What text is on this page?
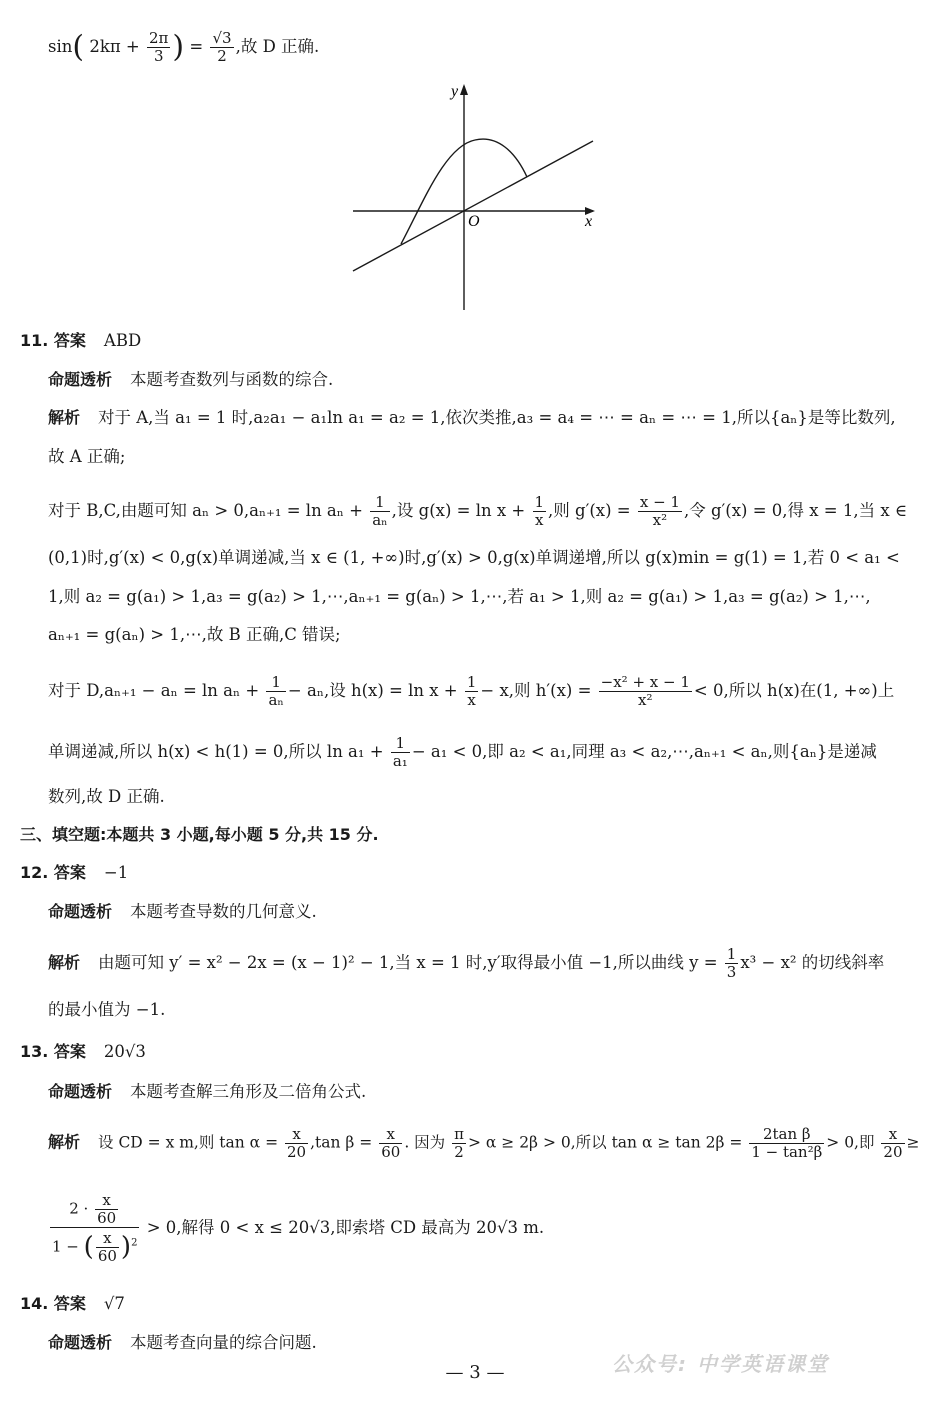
sin( $2k\pi + \frac{2\pi}{3}$ ) = $\frac{√3}{2}$ ,故 D 正确.
y
x
O
11. 答案 ABD
命题透析 本题考查数列与函数的综合.
解析 对于 A,当 a₁ = 1 时,a₂a₁ − a₁ln a₁ = a₂ = 1,依次类推,a₃ = a₄ = ⋯ = aₙ = ⋯ = 1,所以{aₙ}是等比数列,
故 A 正确;
对于 B,C,由题可知 $a_n > 0,a_{n+1} = \ln a_n + \frac{1}{\text{aₙ}}$ ,设 $g(x) = \ln x + \frac{1}{x}$ ,则 $g'(x) = \frac{x - 1}{\text{x²}}$ ,令 g′(x) = 0,得 x = 1,当 x ∈
(0,1)时,g′(x) < 0,g(x)单调递减,当 x ∈ (1, +∞)时,g′(x) > 0,g(x)单调递增,所以 g(x)min = g(1) = 1,若 0 < a₁ <
1,则 a₂ = g(a₁) > 1,a₃ = g(a₂) > 1,⋯,aₙ₊₁ = g(aₙ) > 1,⋯,若 a₁ > 1,则 a₂ = g(a₁) > 1,a₃ = g(a₂) > 1,⋯,
aₙ₊₁ = g(aₙ) > 1,⋯,故 B 正确,C 错误;
对于 $D,a_{n+1} - a_n = \ln a_n + \frac{1}{\text{aₙ}} - a_n$,设 $h(x) = \ln x + \frac{1}{x} - x$,则 $h'(x) = \frac{\text{−x² + x − 1}}{\text{x²}} < 0$,所以 h(x)在(1, +∞)上
单调递减,所以 h(x) < h(1) = 0,所以 $\ln a_1 + \frac{1}{\text{a₁}} - a_1 < 0$,即 a₂ < a₁,同理 a₃ < a₂,⋯,aₙ₊₁ < aₙ,则{aₙ}是递减
数列,故 D 正确.
三、填空题:本题共 3 小题,每小题 5 分,共 15 分.
12. 答案 −1
命题透析 本题考查导数的几何意义.
解析 由题可知 y′ = x² − 2x = (x − 1)² − 1,当 x = 1 时,y′取得最小值 −1,所以曲线 $y = \frac{1}{3} x^3 - x^2$ 的切线斜率
的最小值为 −1.
13. 答案 20√3
命题透析 本题考查解三角形及二倍角公式.
解析 设 CD = x m,则 $\tan \alpha = \frac{x}{20} ,\tan$ $\beta = \frac{x}{60}$ . 因为 $\frac{\pi}{2} > \alpha \ge 2\beta > 0$,所以 $\tan \alpha \ge \tan 2\beta = \frac{\text{2tan β}}{\text{1 − tan²β}} > 0$,即 $\frac{x}{20}$ ≥
$\frac{2 \cdot \frac{x}{60}}{1 - ( \frac{x}{60} )^2} > 0$,解得 0 < x ≤ 20√3,即索塔 CD 最高为 20√3 m.
14. 答案 √7
命题透析 本题考查向量的综合问题.
— 3 —	公众号: 中学英语课堂
